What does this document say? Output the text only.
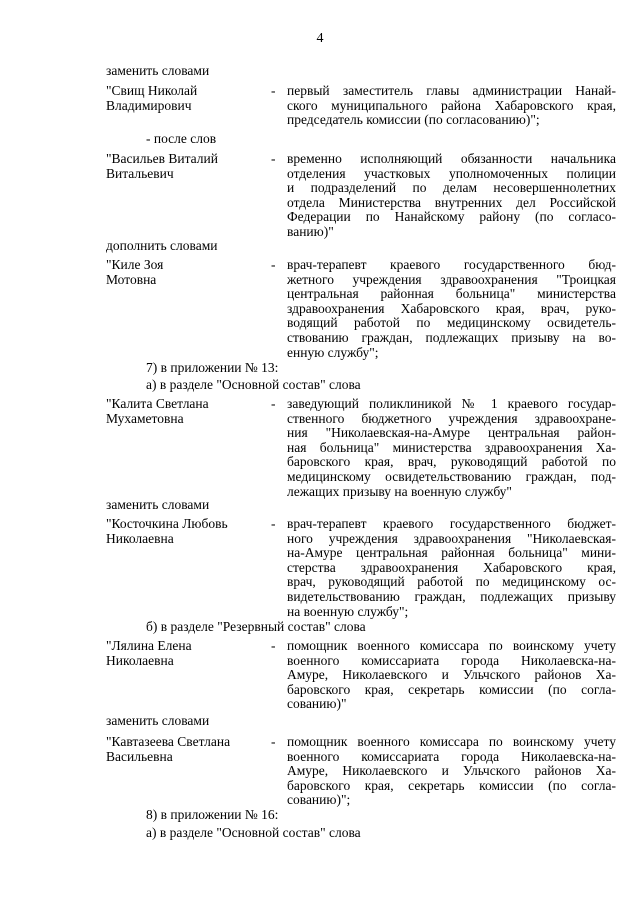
4
заменить словами
"Свищ Николай
Владимирович
- первый заместитель главы администрации Нанай-
ского муниципального района Хабаровского края,
председатель комиссии (по согласованию)";
- после слов
"Васильев Виталий
Витальевич
- временно исполняющий обязанности начальника
отделения участковых уполномоченных полиции
и подразделений по делам несовершеннолетних
отдела Министерства внутренних дел Российской
Федерации по Нанайскому району (по согласо-
ванию)"
дополнить словами
"Киле Зоя
Мотовна
- врач-терапевт краевого государственного бюд-
жетного учреждения здравоохранения "Троицкая
центральная районная больница" министерства
здравоохранения Хабаровского края, врач, руко-
водящий работой по медицинскому освидетель-
ствованию граждан, подлежащих призыву на во-
енную службу";
7) в приложении № 13:
а) в разделе "Основной состав" слова
"Калита Светлана
Мухаметовна
- заведующий поликлиникой № 1 краевого государ-
ственного бюджетного учреждения здравоохране-
ния "Николаевская-на-Амуре центральная район-
ная больница" министерства здравоохранения Ха-
баровского края, врач, руководящий работой по
медицинскому освидетельствованию граждан, под-
лежащих призыву на военную службу"
заменить словами
"Косточкина Любовь
Николаевна
- врач-терапевт краевого государственного бюджет-
ного учреждения здравоохранения "Николаевская-
на-Амуре центральная районная больница" мини-
стерства здравоохранения Хабаровского края,
врач, руководящий работой по медицинскому ос-
видетельствованию граждан, подлежащих призыву
на военную службу";
б) в разделе "Резервный состав" слова
"Лялина Елена
Николаевна
- помощник военного комиссара по воинскому учету
военного комиссариата города Николаевска-на-
Амуре, Николаевского и Ульчского районов Ха-
баровского края, секретарь комиссии (по согла-
сованию)"
заменить словами
"Кавтазеева Светлана
Васильевна
- помощник военного комиссара по воинскому учету
военного комиссариата города Николаевска-на-
Амуре, Николаевского и Ульчского районов Ха-
баровского края, секретарь комиссии (по согла-
сованию)";
8) в приложении № 16:
а) в разделе "Основной состав" слова
